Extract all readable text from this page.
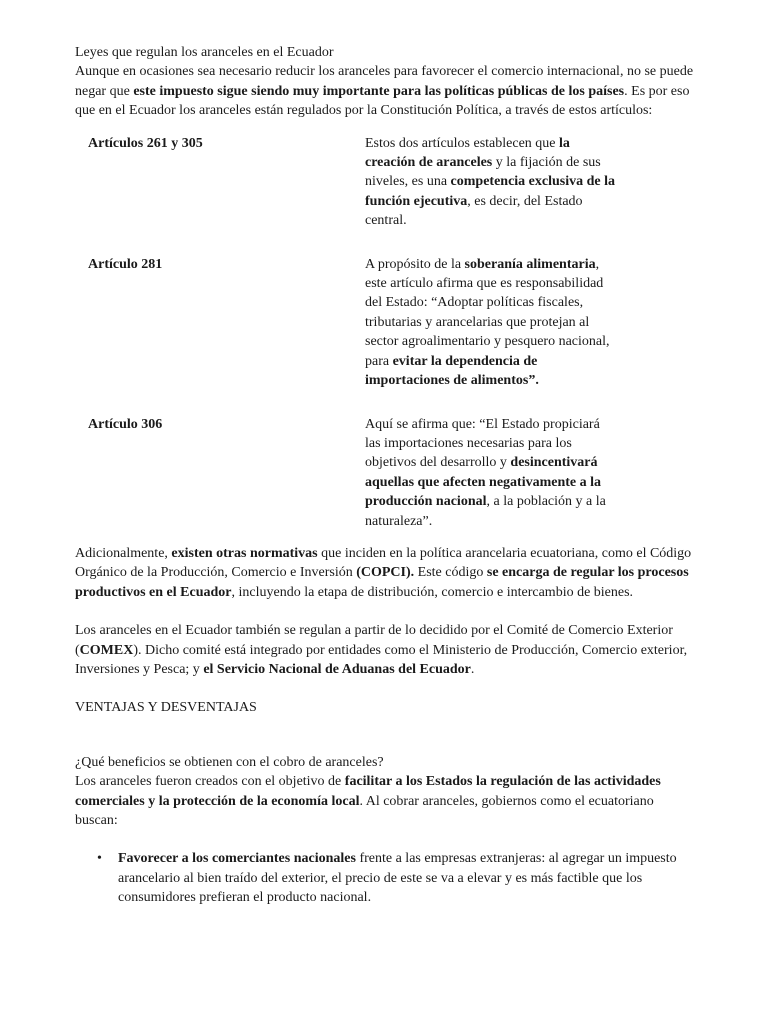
Leyes que regulan los aranceles en el Ecuador

Aunque en ocasiones sea necesario reducir los aranceles para favorecer el comercio internacional, no se puede negar que este impuesto sigue siendo muy importante para las políticas públicas de los países. Es por eso que en el Ecuador los aranceles están regulados por la Constitución Política, a través de estos artículos:

Artículos 261 y 305	Estos dos artículos establecen que la creación de aranceles y la fijación de sus niveles, es una competencia exclusiva de la función ejecutiva, es decir, del Estado central.
Artículo 281	A propósito de la soberanía alimentaria, este artículo afirma que es responsabilidad del Estado: “Adoptar políticas fiscales, tributarias y arancelarias que protejan al sector agroalimentario y pesquero nacional, para evitar la dependencia de importaciones de alimentos”.
Artículo 306	Aquí se afirma que: “El Estado propiciará las importaciones necesarias para los objetivos del desarrollo y desincentivará aquellas que afecten negativamente a la producción nacional, a la población y a la naturaleza”.

Adicionalmente, existen otras normativas que inciden en la política arancelaria ecuatoriana, como el Código Orgánico de la Producción, Comercio e Inversión (COPCI). Este código se encarga de regular los procesos productivos en el Ecuador, incluyendo la etapa de distribución, comercio e intercambio de bienes.

Los aranceles en el Ecuador también se regulan a partir de lo decidido por el Comité de Comercio Exterior (COMEX). Dicho comité está integrado por entidades como el Ministerio de Producción, Comercio exterior, Inversiones y Pesca; y el Servicio Nacional de Aduanas del Ecuador.

VENTAJAS Y DESVENTAJAS

¿Qué beneficios se obtienen con el cobro de aranceles?

Los aranceles fueron creados con el objetivo de facilitar a los Estados la regulación de las actividades comerciales y la protección de la economía local. Al cobrar aranceles, gobiernos como el ecuatoriano buscan:

• Favorecer a los comerciantes nacionales frente a las empresas extranjeras: al agregar un impuesto arancelario al bien traído del exterior, el precio de este se va a elevar y es más factible que los consumidores prefieran el producto nacional.
